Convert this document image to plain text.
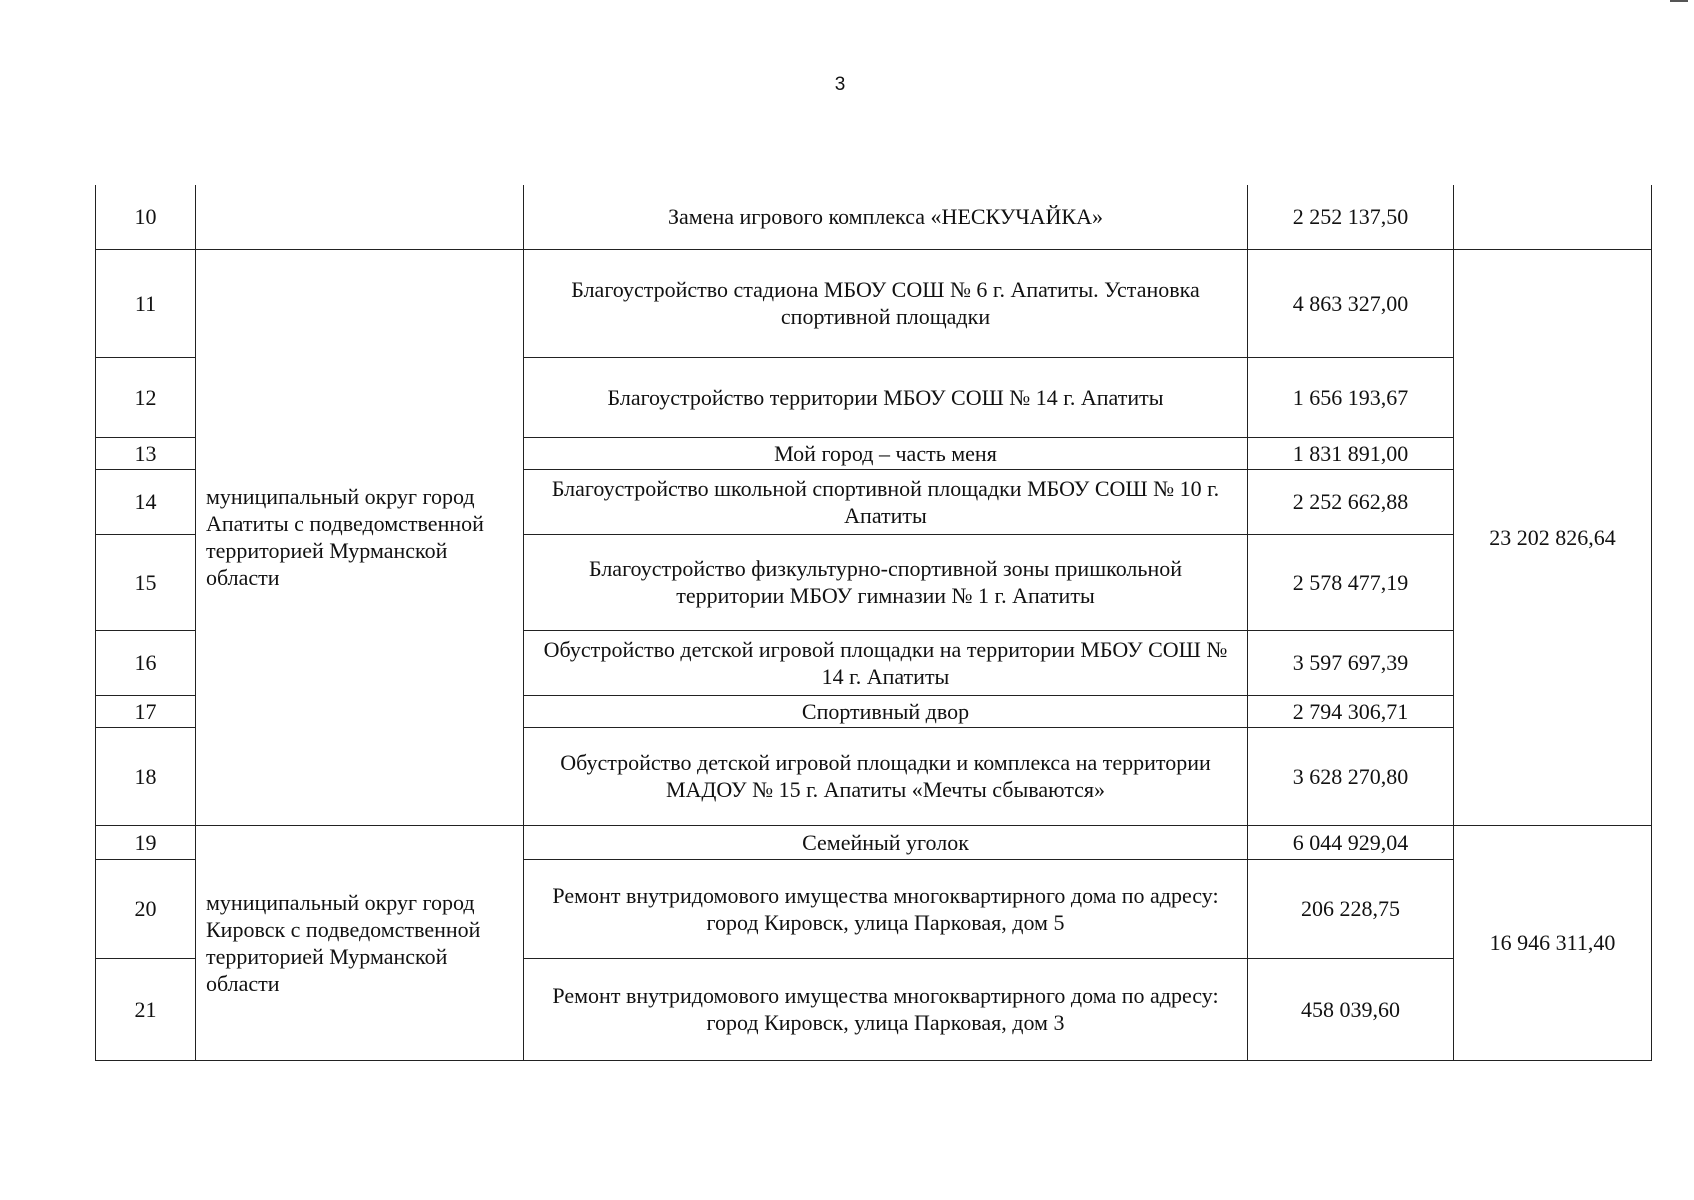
3
10		Замена игрового комплекса «НЕСКУЧАЙКА»	2 252 137,50	
11	муниципальный округ город Апатиты с подведомственной территорией Мурманской области	Благоустройство стадиона МБОУ СОШ № 6 г. Апатиты. Установка спортивной площадки	4 863 327,00	23 202 826,64
12		Благоустройство территории МБОУ СОШ № 14 г. Апатиты	1 656 193,67	
13		Мой город – часть меня	1 831 891,00	
14		Благоустройство школьной спортивной площадки МБОУ СОШ № 10 г. Апатиты	2 252 662,88	
15		Благоустройство физкультурно-спортивной зоны пришкольной территории МБОУ гимназии № 1 г. Апатиты	2 578 477,19	
16		Обустройство детской игровой площадки на территории МБОУ СОШ № 14 г. Апатиты	3 597 697,39	
17		Спортивный двор	2 794 306,71	
18		Обустройство детской игровой площадки и комплекса на территории МАДОУ № 15 г. Апатиты «Мечты сбываются»	3 628 270,80	
19	муниципальный округ город Кировск с подведомственной территорией Мурманской области	Семейный уголок	6 044 929,04	16 946 311,40
20		Ремонт внутридомового имущества многоквартирного дома по адресу: город Кировск, улица Парковая, дом 5	206 228,75	
21		Ремонт внутридомового имущества многоквартирного дома по адресу: город Кировск, улица Парковая, дом 3	458 039,60	
